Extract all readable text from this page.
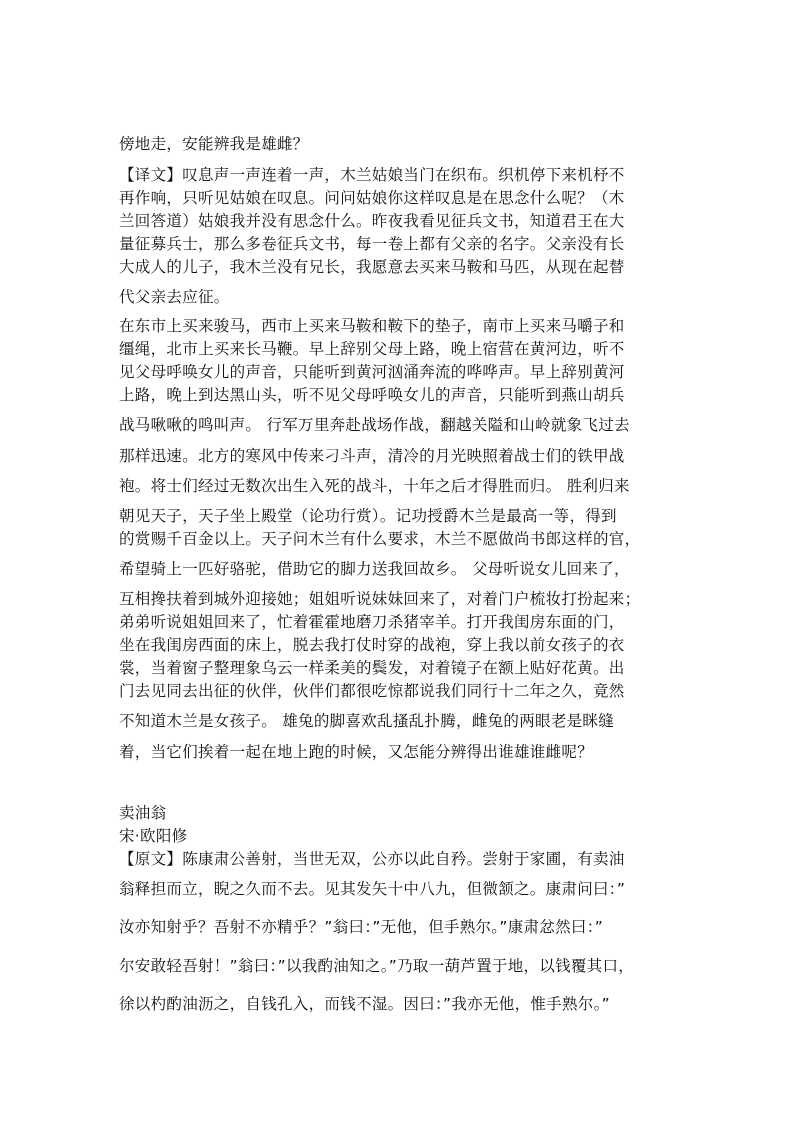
傍地走，安能辨我是雄雌？
【译文】叹息声一声连着一声，木兰姑娘当门在织布。织机停下来机杼不
再作响，只听见姑娘在叹息。问问姑娘你这样叹息是在思念什么呢？（木
兰回答道）姑娘我并没有思念什么。昨夜我看见征兵文书，知道君王在大
量征募兵士，那么多卷征兵文书，每一卷上都有父亲的名字。父亲没有长
大成人的儿子，我木兰没有兄长，我愿意去买来马鞍和马匹，从现在起替
代父亲去应征。
在东市上买来骏马，西市上买来马鞍和鞍下的垫子，南市上买来马嚼子和
缰绳，北市上买来长马鞭。早上辞别父母上路，晚上宿营在黄河边，听不
见父母呼唤女儿的声音，只能听到黄河汹涌奔流的哗哗声。早上辞别黄河
上路，晚上到达黑山头，听不见父母呼唤女儿的声音，只能听到燕山胡兵
战马啾啾的鸣叫声。 行军万里奔赴战场作战，翻越关隘和山岭就象飞过去
那样迅速。北方的寒风中传来刁斗声，清冷的月光映照着战士们的铁甲战
袍。将士们经过无数次出生入死的战斗，十年之后才得胜而归。 胜利归来
朝见天子，天子坐上殿堂（论功行赏）。记功授爵木兰是最高一等，得到
的赏赐千百金以上。天子问木兰有什么要求，木兰不愿做尚书郎这样的官，
希望骑上一匹好骆驼，借助它的脚力送我回故乡。 父母听说女儿回来了，
互相搀扶着到城外迎接她；姐姐听说妹妹回来了，对着门户梳妆打扮起来；
弟弟听说姐姐回来了，忙着霍霍地磨刀杀猪宰羊。打开我闺房东面的门，
坐在我闺房西面的床上，脱去我打仗时穿的战袍，穿上我以前女孩子的衣
裳，当着窗子整理象乌云一样柔美的鬓发，对着镜子在额上贴好花黄。出
门去见同去出征的伙伴，伙伴们都很吃惊都说我们同行十二年之久，竟然
不知道木兰是女孩子。 雄兔的脚喜欢乱搔乱扑腾，雌兔的两眼老是眯缝
着，当它们挨着一起在地上跑的时候，又怎能分辨得出谁雄谁雌呢？
卖油翁
宋·欧阳修
【原文】陈康肃公善射，当世无双，公亦以此自矜。尝射于家圃，有卖油
翁释担而立，睨之久而不去。见其发矢十中八九，但微颔之。康肃问曰：”
汝亦知射乎？吾射不亦精乎？”翁曰：”无他，但手熟尔。”康肃忿然曰：”
尔安敢轻吾射！”翁曰：”以我酌油知之。”乃取一葫芦置于地，以钱覆其口，
徐以杓酌油沥之，自钱孔入，而钱不湿。因曰：”我亦无他，惟手熟尔。”
